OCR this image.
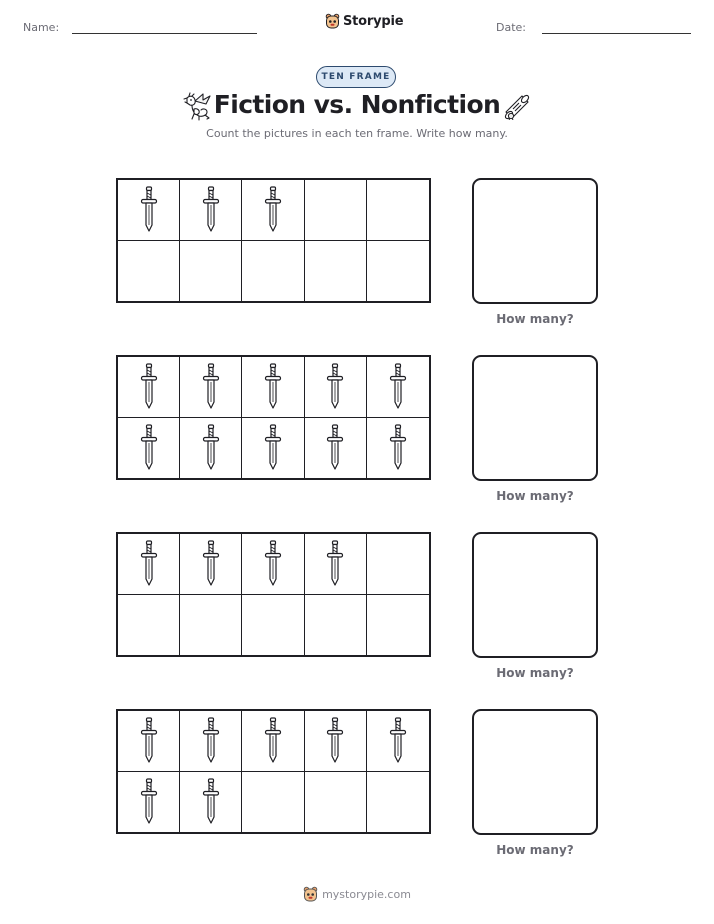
Name:	Storypie	Date:
TEN FRAME
Fiction vs. Nonfiction
Count the pictures in each ten frame. Write how many.
How many?
How many?
How many?
How many?
mystorypie.com
